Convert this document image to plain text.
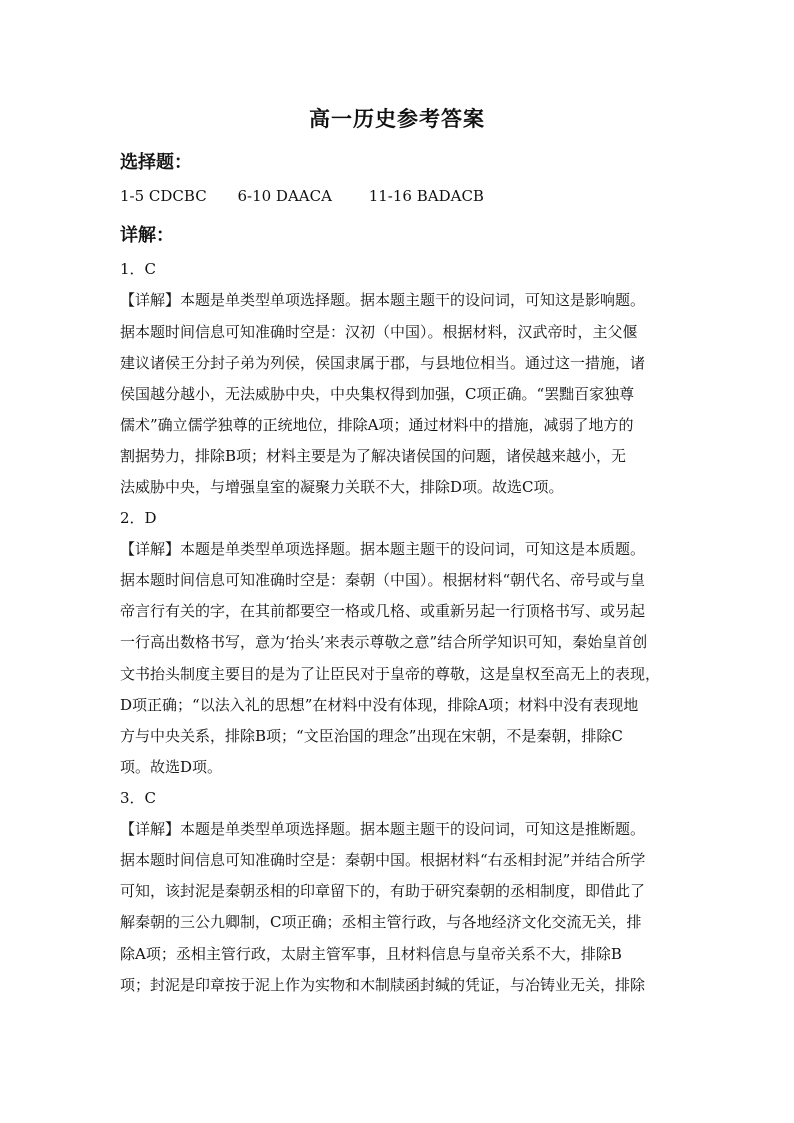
高一历史参考答案
选择题：
1-5 CDCBC 6-10 DAACA 11-16 BADACB
详解：
1．C
【详解】本题是单类型单项选择题。据本题主题干的设问词，可知这是影响题。
据本题时间信息可知准确时空是：汉初（中国）。根据材料，汉武帝时，主父偃
建议诸侯王分封子弟为列侯，侯国隶属于郡，与县地位相当。通过这一措施，诸
侯国越分越小，无法威胁中央，中央集权得到加强，C项正确。“罢黜百家独尊
儒术”确立儒学独尊的正统地位，排除A项；通过材料中的措施，减弱了地方的
割据势力，排除B项；材料主要是为了解决诸侯国的问题，诸侯越来越小，无
法威胁中央，与增强皇室的凝聚力关联不大，排除D项。故选C项。
2．D
【详解】本题是单类型单项选择题。据本题主题干的设问词，可知这是本质题。
据本题时间信息可知准确时空是：秦朝（中国）。根据材料“朝代名、帝号或与皇
帝言行有关的字，在其前都要空一格或几格、或重新另起一行顶格书写、或另起
一行高出数格书写，意为‘抬头’来表示尊敬之意”结合所学知识可知，秦始皇首创
文书抬头制度主要目的是为了让臣民对于皇帝的尊敬，这是皇权至高无上的表现，
D项正确；“以法入礼的思想”在材料中没有体现，排除A项；材料中没有表现地
方与中央关系，排除B项；“文臣治国的理念”出现在宋朝，不是秦朝，排除C
项。故选D项。
3．C
【详解】本题是单类型单项选择题。据本题主题干的设问词，可知这是推断题。
据本题时间信息可知准确时空是：秦朝中国。根据材料“右丞相封泥”并结合所学
可知，该封泥是秦朝丞相的印章留下的，有助于研究秦朝的丞相制度，即借此了
解秦朝的三公九卿制，C项正确；丞相主管行政，与各地经济文化交流无关，排
除A项；丞相主管行政，太尉主管军事，且材料信息与皇帝关系不大，排除B
项；封泥是印章按于泥上作为实物和木制牍函封缄的凭证，与冶铸业无关，排除
